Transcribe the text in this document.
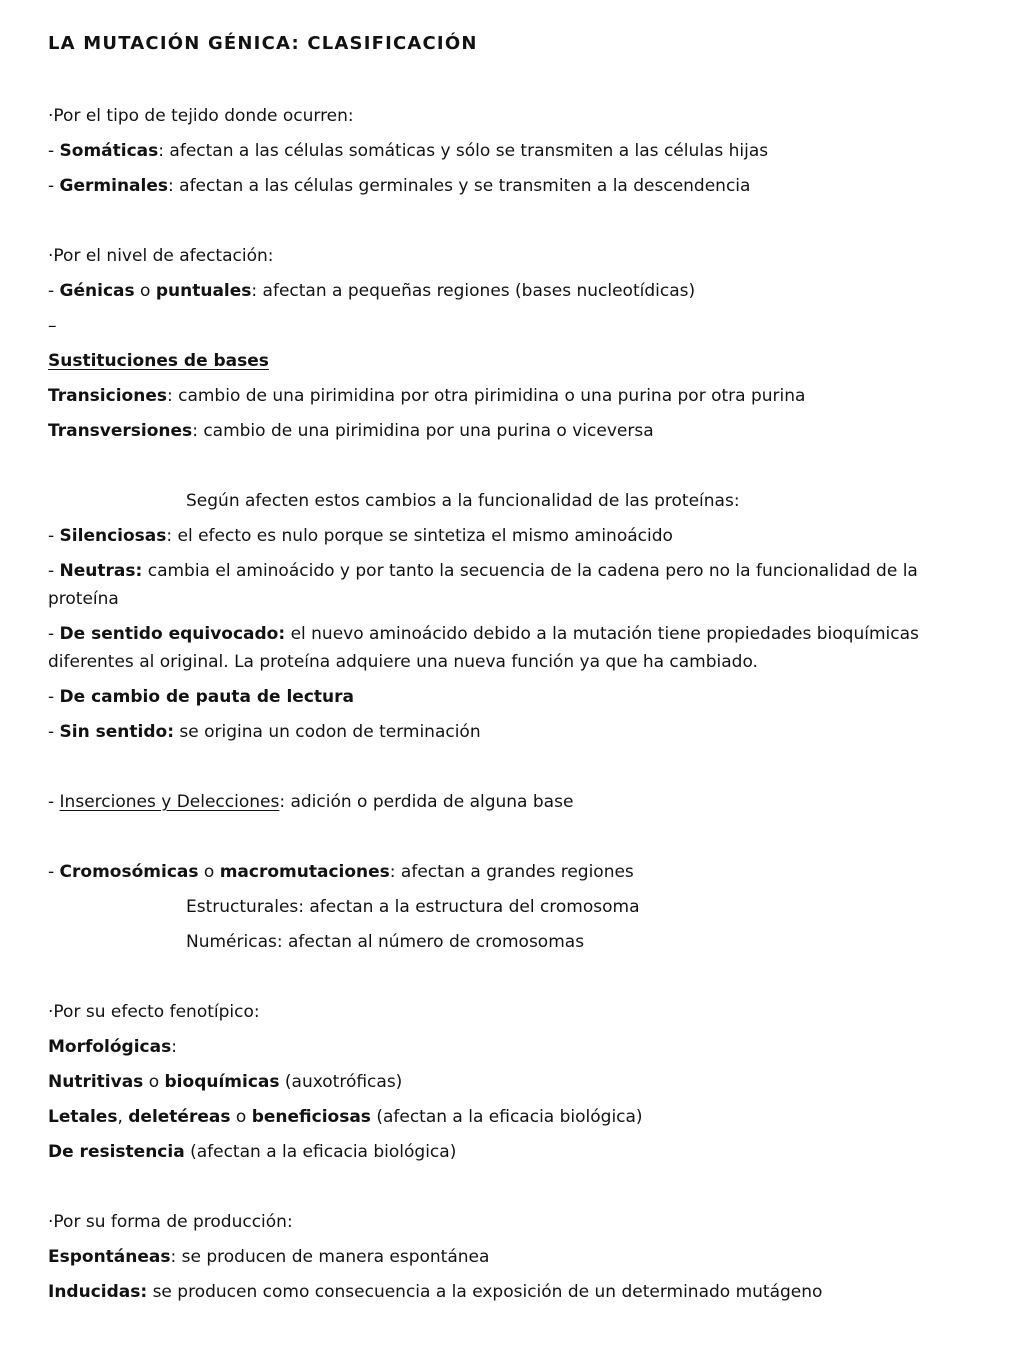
LA MUTACIÓN GÉNICA: CLASIFICACIÓN

·Por el tipo de tejido donde ocurren:

- Somáticas: afectan a las células somáticas y sólo se transmiten a las células hijas

- Germinales: afectan a las células germinales y se transmiten a la descendencia

·Por el nivel de afectación:

- Génicas o puntuales: afectan a pequeñas regiones (bases nucleotídicas)

–

Sustituciones de bases

Transiciones: cambio de una pirimidina por otra pirimidina o una purina por otra purina

Transversiones: cambio de una pirimidina por una purina o viceversa

Según afecten estos cambios a la funcionalidad de las proteínas:

- Silenciosas: el efecto es nulo porque se sintetiza el mismo aminoácido

- Neutras: cambia el aminoácido y por tanto la secuencia de la cadena pero no la funcionalidad de la proteína

- De sentido equivocado: el nuevo aminoácido debido a la mutación tiene propiedades bioquímicas diferentes al original. La proteína adquiere una nueva función ya que ha cambiado.

- De cambio de pauta de lectura

- Sin sentido: se origina un codon de terminación

- Inserciones y Delecciones: adición o perdida de alguna base

- Cromosómicas o macromutaciones: afectan a grandes regiones

Estructurales: afectan a la estructura del cromosoma

Numéricas: afectan al número de cromosomas

·Por su efecto fenotípico:

Morfológicas:

Nutritivas o bioquímicas (auxotróficas)

Letales, deletéreas o beneficiosas (afectan a la eficacia biológica)

De resistencia (afectan a la eficacia biológica)

·Por su forma de producción:

Espontáneas: se producen de manera espontánea

Inducidas: se producen como consecuencia a la exposición de un determinado mutágeno
